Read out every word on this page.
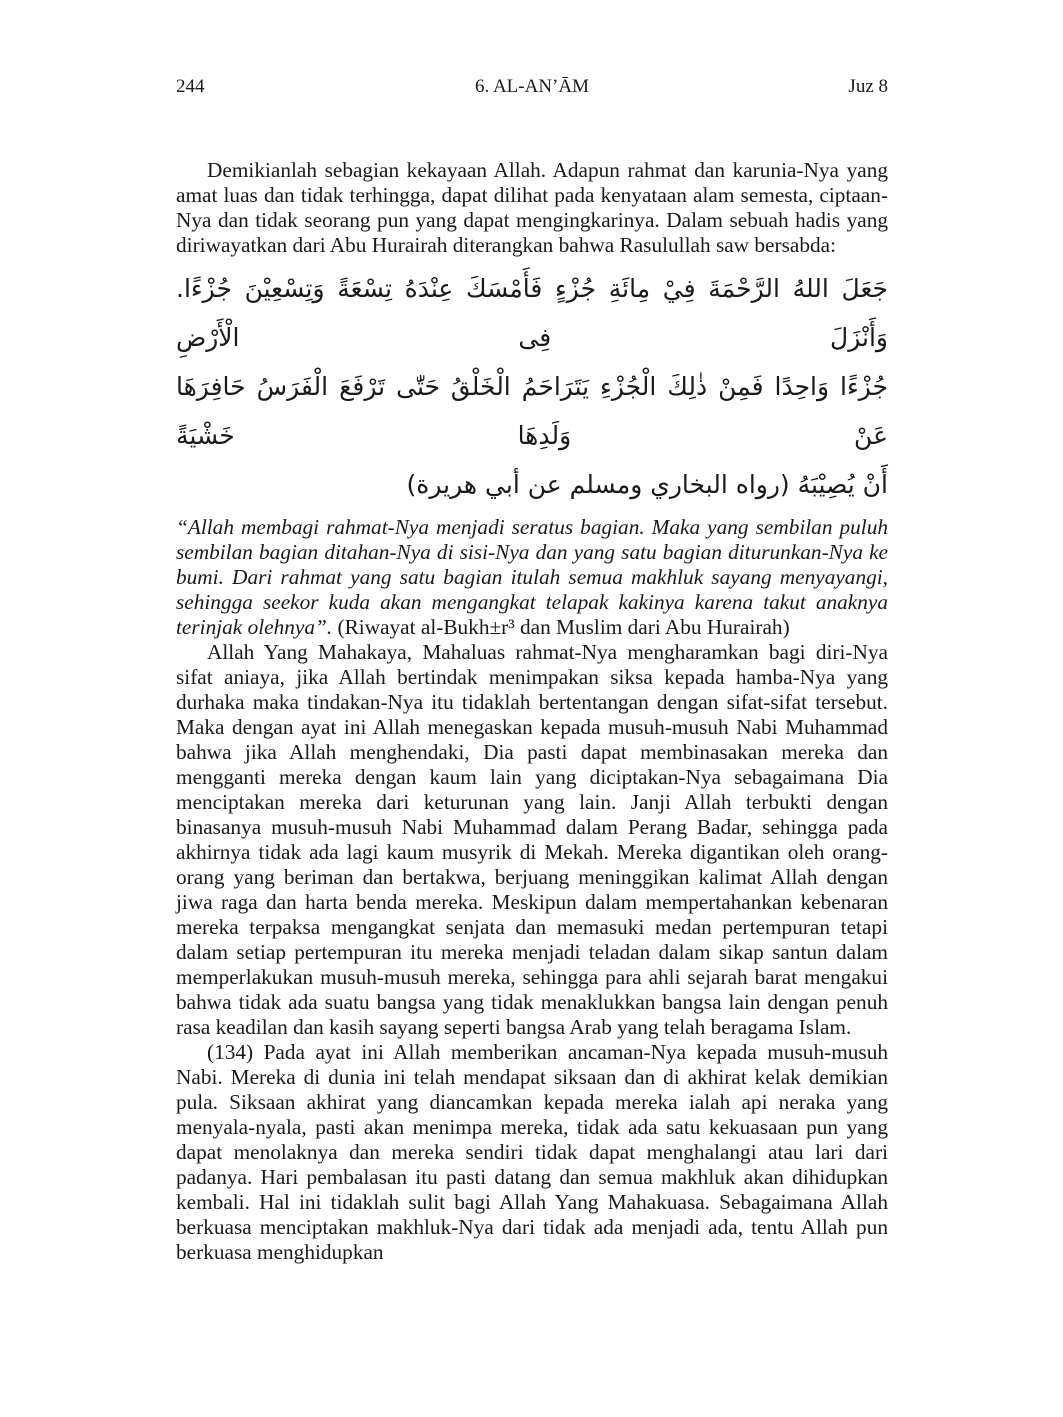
244	6. AL-AN’ĀM	Juz 8

Demikianlah sebagian kekayaan Allah. Adapun rahmat dan karunia-Nya yang amat luas dan tidak terhingga, dapat dilihat pada kenyataan alam semesta, ciptaan-Nya dan tidak seorang pun yang dapat mengingkarinya. Dalam sebuah hadis yang diriwayatkan dari Abu Hurairah diterangkan bahwa Rasulullah saw bersabda:

جَعَلَ اللهُ الرَّحْمَةَ فِيْ مِائَةِ جُزْءٍ فَأَمْسَكَ عِنْدَهُ تِسْعَةً وَتِسْعِيْنَ جُزْءًا. وَأَنْزَلَ فِى الْأَرْضِ
جُزْءًا وَاحِدًا فَمِنْ ذٰلِكَ الْجُزْءِ يَتَرَاحَمُ الْخَلْقُ حَتّٰى تَرْفَعَ الْفَرَسُ حَافِرَهَا عَنْ وَلَدِهَا خَشْيَةً
أَنْ يُصِيْبَهُ (رواه البخاري ومسلم عن أبي هريرة)

“Allah membagi rahmat-Nya menjadi seratus bagian. Maka yang sembilan puluh sembilan bagian ditahan-Nya di sisi-Nya dan yang satu bagian diturunkan-Nya ke bumi. Dari rahmat yang satu bagian itulah semua makhluk sayang menyayangi, sehingga seekor kuda akan mengangkat telapak kakinya karena takut anaknya terinjak olehnya”. (Riwayat al-Bukh±r³ dan Muslim dari Abu Hurairah)

Allah Yang Mahakaya, Mahaluas rahmat-Nya mengharamkan bagi diri-Nya sifat aniaya, jika Allah bertindak menimpakan siksa kepada hamba-Nya yang durhaka maka tindakan-Nya itu tidaklah bertentangan dengan sifat-sifat tersebut. Maka dengan ayat ini Allah menegaskan kepada musuh-musuh Nabi Muhammad bahwa jika Allah menghendaki, Dia pasti dapat membinasakan mereka dan mengganti mereka dengan kaum lain yang diciptakan-Nya sebagaimana Dia menciptakan mereka dari keturunan yang lain. Janji Allah terbukti dengan binasanya musuh-musuh Nabi Muhammad dalam Perang Badar, sehingga pada akhirnya tidak ada lagi kaum musyrik di Mekah. Mereka digantikan oleh orang-orang yang beriman dan bertakwa, berjuang meninggikan kalimat Allah dengan jiwa raga dan harta benda mereka. Meskipun dalam mempertahankan kebenaran mereka terpaksa mengangkat senjata dan memasuki medan pertempuran tetapi dalam setiap pertempuran itu mereka menjadi teladan dalam sikap santun dalam memperlakukan musuh-musuh mereka, sehingga para ahli sejarah barat mengakui bahwa tidak ada suatu bangsa yang tidak menaklukkan bangsa lain dengan penuh rasa keadilan dan kasih sayang seperti bangsa Arab yang telah beragama Islam.

(134) Pada ayat ini Allah memberikan ancaman-Nya kepada musuh-musuh Nabi. Mereka di dunia ini telah mendapat siksaan dan di akhirat kelak demikian pula. Siksaan akhirat yang diancamkan kepada mereka ialah api neraka yang menyala-nyala, pasti akan menimpa mereka, tidak ada satu kekuasaan pun yang dapat menolaknya dan mereka sendiri tidak dapat menghalangi atau lari dari padanya. Hari pembalasan itu pasti datang dan semua makhluk akan dihidupkan kembali. Hal ini tidaklah sulit bagi Allah Yang Mahakuasa. Sebagaimana Allah berkuasa menciptakan makhluk-Nya dari tidak ada menjadi ada, tentu Allah pun berkuasa menghidupkan
